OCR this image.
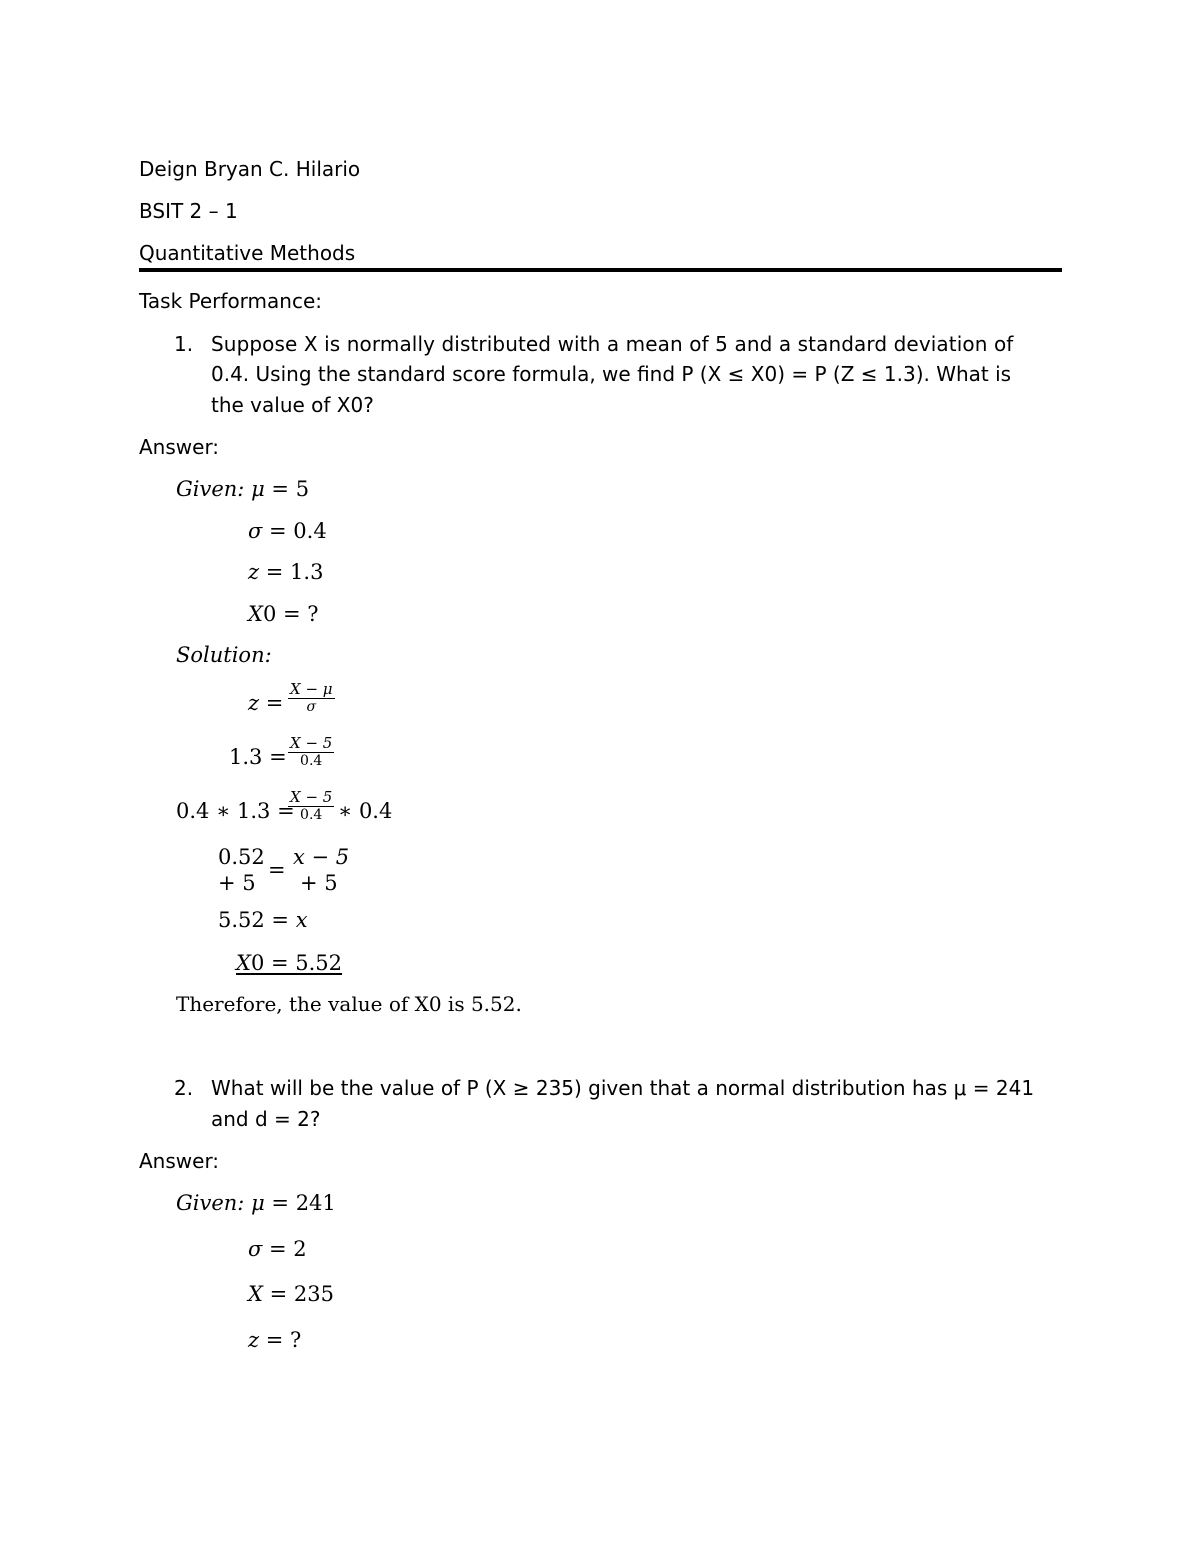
Deign Bryan C. Hilario
BSIT 2 – 1
Quantitative Methods
Task Performance:
1. Suppose X is normally distributed with a mean of 5 and a standard deviation of
0.4. Using the standard score formula, we find P (X ≤ X0) = P (Z ≤ 1.3). What is
the value of X0?
Answer:
Given: μ = 5
σ = 0.4
z = 1.3
X0 = ?
Solution:
$z = \frac{X - \mu}{\sigma}$
$1.3 = \frac{X - 5}{0.4}$
0.4 ∗ 1.3 =
$\frac{X - 5}{0.4}$ ∗ 0.4
0.52
=
x − 5
+ 5 + 5
5.52 = x
X0 = 5.52
Therefore, the value of X0 is 5.52.
2. What will be the value of P (X ≥ 235) given that a normal distribution has μ = 241
and d = 2?
Answer:
Given: μ = 241
σ = 2
X = 235
z = ?
